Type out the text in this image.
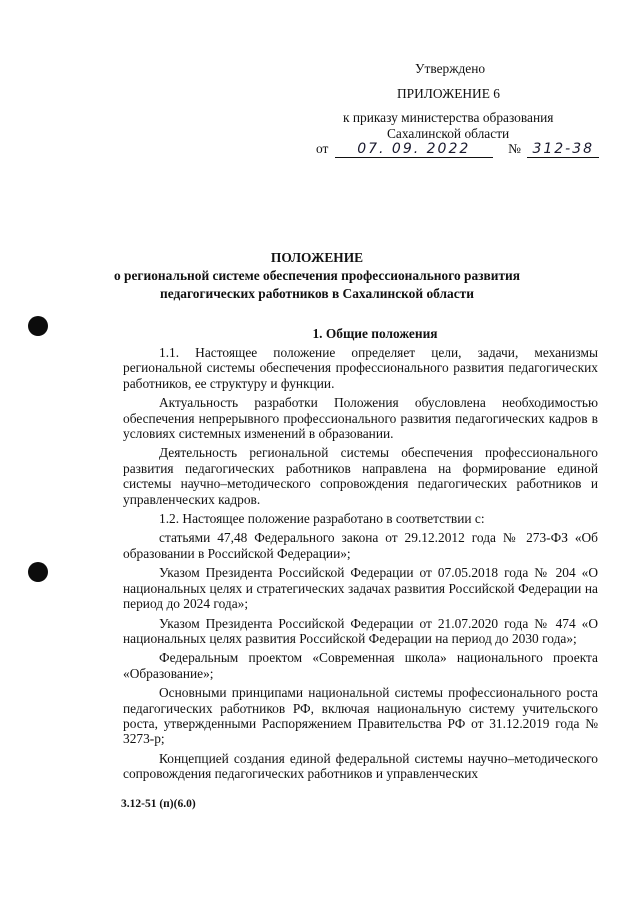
Утверждено
ПРИЛОЖЕНИЕ 6
к приказу министерства образования
Сахалинской области
от 07. 09. 2022	№ 312-38
ПОЛОЖЕНИЕ
о региональной системе обеспечения профессионального развития
педагогических работников в Сахалинской области
1. Общие положения

1.1. Настоящее положение определяет цели, задачи, механизмы региональной системы обеспечения профессионального развития педагогических работников, ее структуру и функции.

Актуальность разработки Положения обусловлена необходимостью обеспечения непрерывного профессионального развития педагогических кадров в условиях системных изменений в образовании.

Деятельность региональной системы обеспечения профессионального развития педагогических работников направлена на формирование единой системы научно–методического сопровождения педагогических работников и управленческих кадров.

1.2. Настоящее положение разработано в соответствии с:

статьями 47,48 Федерального закона от 29.12.2012 года № 273-ФЗ «Об образовании в Российской Федерации»;

Указом Президента Российской Федерации от 07.05.2018 года № 204 «О национальных целях и стратегических задачах развития Российской Федерации на период до 2024 года»;

Указом Президента Российской Федерации от 21.07.2020 года № 474 «О национальных целях развития Российской Федерации на период до 2030 года»;

Федеральным проектом «Современная школа» национального проекта «Образование»;

Основными принципами национальной системы профессионального роста педагогических работников РФ, включая национальную систему учительского роста, утвержденными Распоряжением Правительства РФ от 31.12.2019 года № 3273-р;

Концепцией создания единой федеральной системы научно–методического сопровождения педагогических работников и управленческих

3.12-51 (п)(6.0)
